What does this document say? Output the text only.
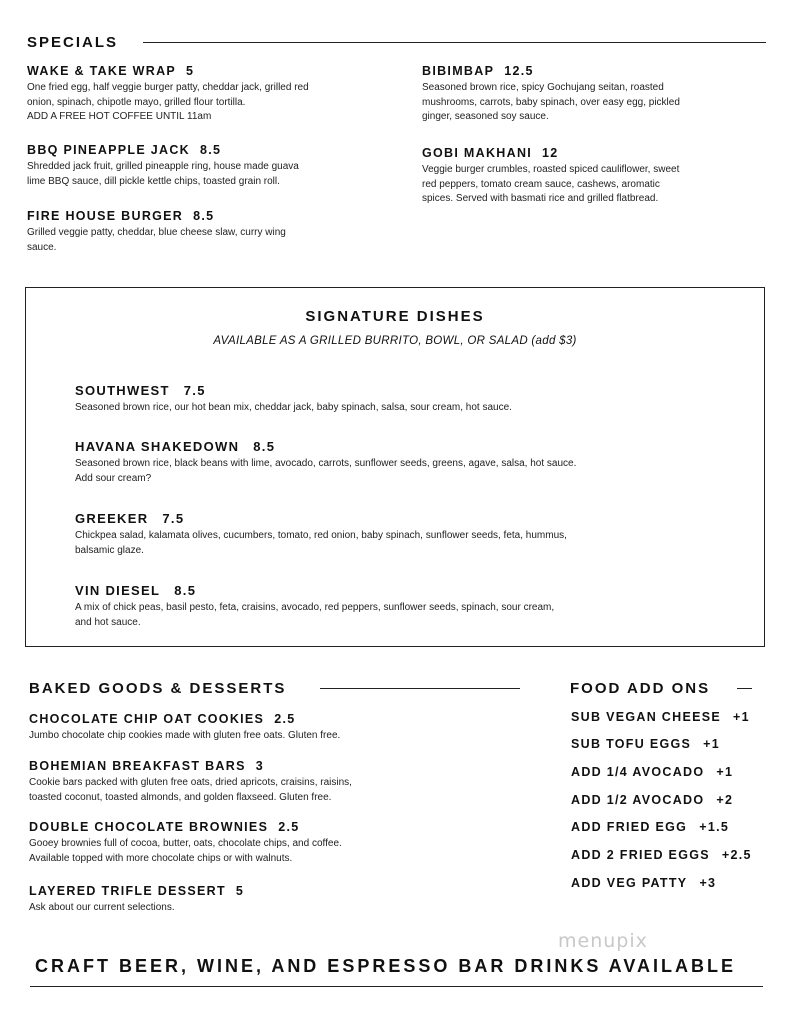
SPECIALS
WAKE & TAKE WRAP 5
One fried egg, half veggie burger patty, cheddar jack, grilled red
onion, spinach, chipotle mayo, grilled flour tortilla.
ADD A FREE HOT COFFEE UNTIL 11am
BBQ PINEAPPLE JACK 8.5
Shredded jack fruit, grilled pineapple ring, house made guava
lime BBQ sauce, dill pickle kettle chips, toasted grain roll.
FIRE HOUSE BURGER 8.5
Grilled veggie patty, cheddar, blue cheese slaw, curry wing
sauce.
BIBIMBAP 12.5
Seasoned brown rice, spicy Gochujang seitan, roasted
mushrooms, carrots, baby spinach, over easy egg, pickled
ginger, seasoned soy sauce.
GOBI MAKHANI 12
Veggie burger crumbles, roasted spiced cauliflower, sweet
red peppers, tomato cream sauce, cashews, aromatic
spices. Served with basmati rice and grilled flatbread.
SIGNATURE DISHES
AVAILABLE AS A GRILLED BURRITO, BOWL, OR SALAD (add $3)
SOUTHWEST 7.5
Seasoned brown rice, our hot bean mix, cheddar jack, baby spinach, salsa, sour cream, hot sauce.
HAVANA SHAKEDOWN 8.5
Seasoned brown rice, black beans with lime, avocado, carrots, sunflower seeds, greens, agave, salsa, hot sauce.
Add sour cream?
GREEKER 7.5
Chickpea salad, kalamata olives, cucumbers, tomato, red onion, baby spinach, sunflower seeds, feta, hummus,
balsamic glaze.
VIN DIESEL 8.5
A mix of chick peas, basil pesto, feta, craisins, avocado, red peppers, sunflower seeds, spinach, sour cream,
and hot sauce.
BAKED GOODS & DESSERTS
CHOCOLATE CHIP OAT COOKIES 2.5
Jumbo chocolate chip cookies made with gluten free oats. Gluten free.
BOHEMIAN BREAKFAST BARS 3
Cookie bars packed with gluten free oats, dried apricots, craisins, raisins,
toasted coconut, toasted almonds, and golden flaxseed. Gluten free.
DOUBLE CHOCOLATE BROWNIES 2.5
Gooey brownies full of cocoa, butter, oats, chocolate chips, and coffee.
Available topped with more chocolate chips or with walnuts.
LAYERED TRIFLE DESSERT 5
Ask about our current selections.
FOOD ADD ONS
SUB VEGAN CHEESE +1
SUB TOFU EGGS +1
ADD 1/4 AVOCADO +1
ADD 1/2 AVOCADO +2
ADD FRIED EGG +1.5
ADD 2 FRIED EGGS +2.5
ADD VEG PATTY +3
menupix
CRAFT BEER, WINE, AND ESPRESSO BAR DRINKS AVAILABLE
